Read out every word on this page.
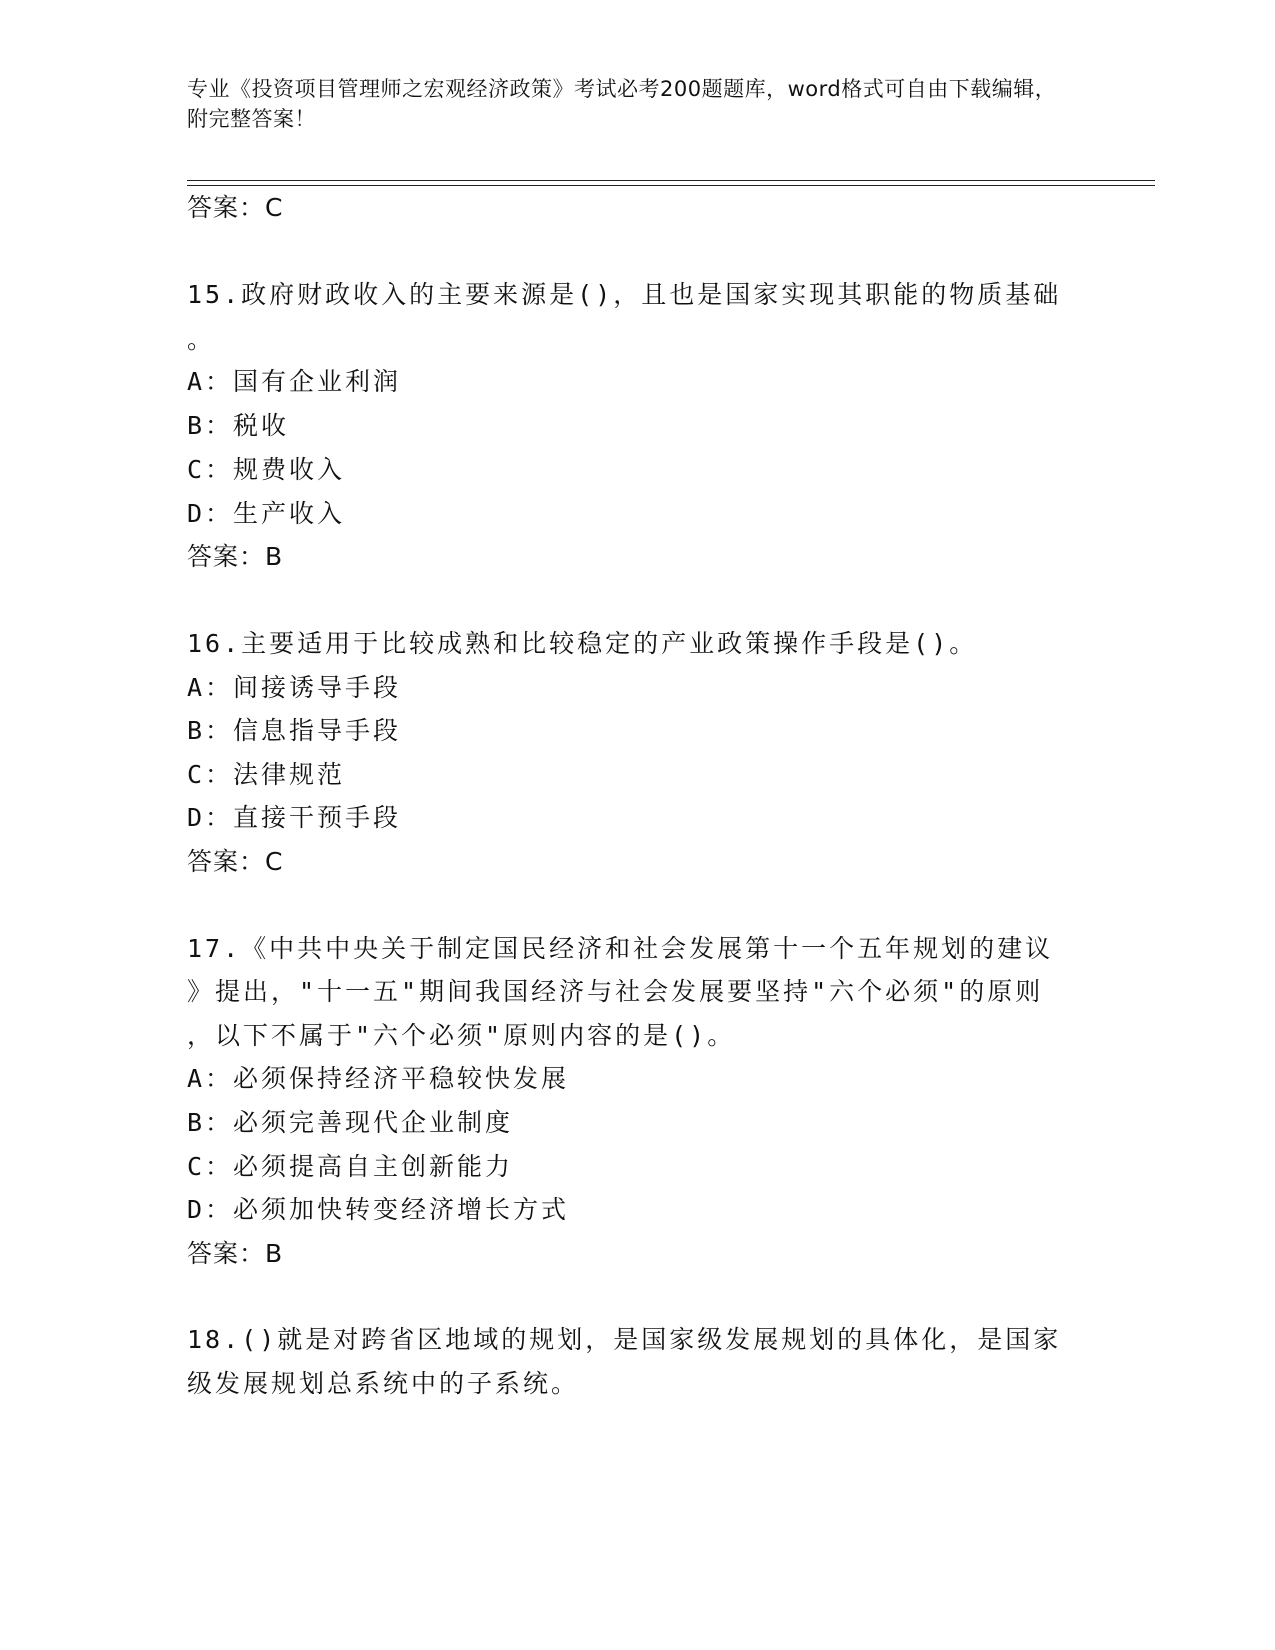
专业《投资项目管理师之宏观经济政策》考试必考200题题库，word格式可自由下载编辑，附完整答案！
答案：C
15.政府财政收入的主要来源是()，且也是国家实现其职能的物质基础
。
A：国有企业利润
B：税收
C：规费收入
D：生产收入
答案：B
16.主要适用于比较成熟和比较稳定的产业政策操作手段是()。
A：间接诱导手段
B：信息指导手段
C：法律规范
D：直接干预手段
答案：C
17.《中共中央关于制定国民经济和社会发展第十一个五年规划的建议
》提出，"十一五"期间我国经济与社会发展要坚持"六个必须"的原则
，以下不属于"六个必须"原则内容的是()。
A：必须保持经济平稳较快发展
B：必须完善现代企业制度
C：必须提高自主创新能力
D：必须加快转变经济增长方式
答案：B
18.()就是对跨省区地域的规划，是国家级发展规划的具体化，是国家
级发展规划总系统中的子系统。
